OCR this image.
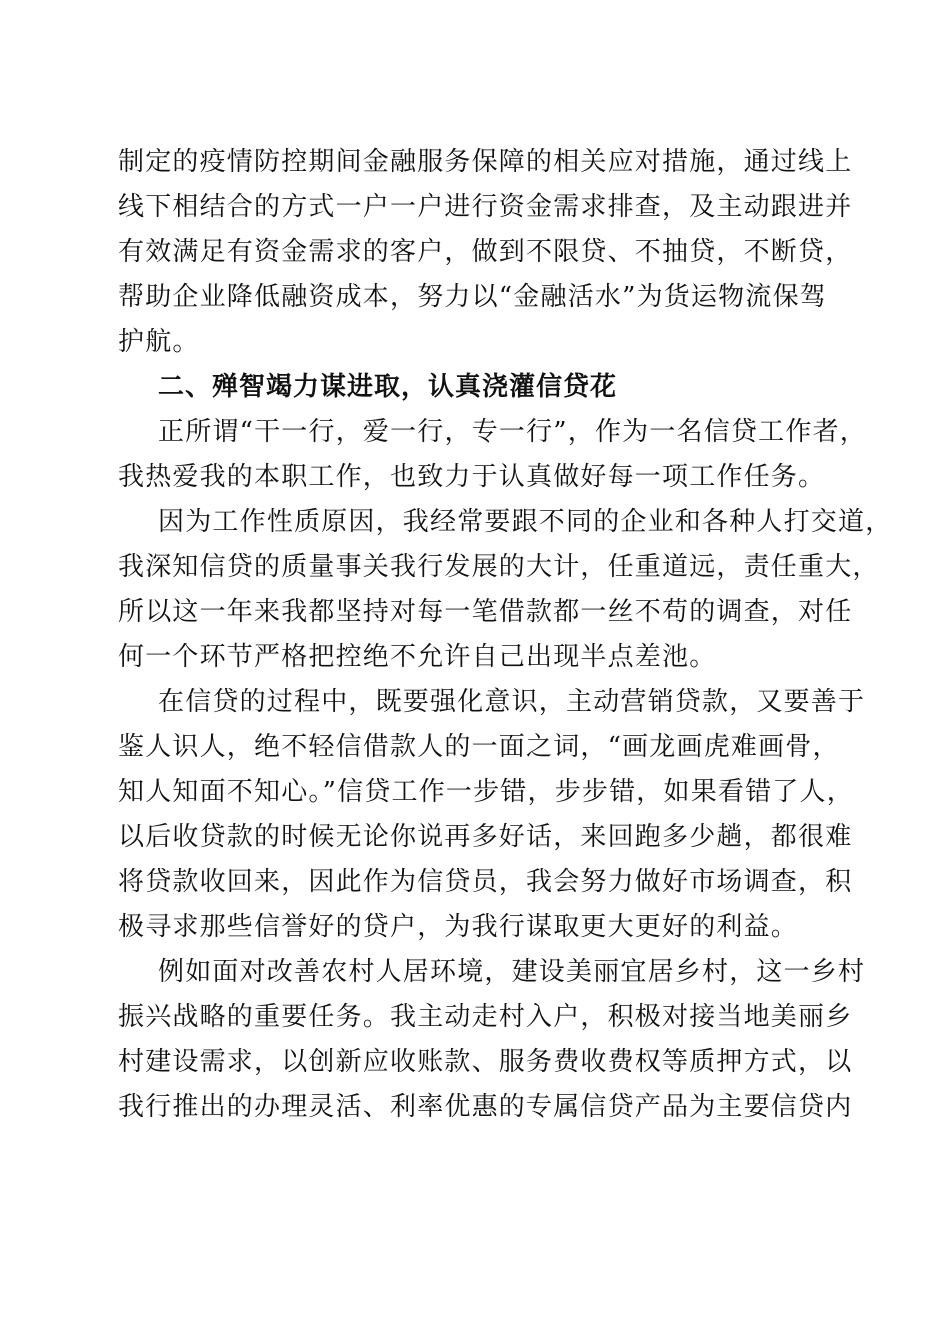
制定的疫情防控期间金融服务保障的相关应对措施，通过线上
线下相结合的方式一户一户进行资金需求排查，及主动跟进并
有效满足有资金需求的客户，做到不限贷、不抽贷，不断贷，
帮助企业降低融资成本，努力以“金融活水”为货运物流保驾
护航。
二、殚智竭力谋进取，认真浇灌信贷花
正所谓“干一行，爱一行，专一行”，作为一名信贷工作者，
我热爱我的本职工作，也致力于认真做好每一项工作任务。
因为工作性质原因，我经常要跟不同的企业和各种人打交道，
我深知信贷的质量事关我行发展的大计，任重道远，责任重大，
所以这一年来我都坚持对每一笔借款都一丝不苟的调查，对任
何一个环节严格把控绝不允许自己出现半点差池。
在信贷的过程中，既要强化意识，主动营销贷款，又要善于
鉴人识人，绝不轻信借款人的一面之词，“画龙画虎难画骨，
知人知面不知心。”信贷工作一步错，步步错，如果看错了人，
以后收贷款的时候无论你说再多好话，来回跑多少趟，都很难
将贷款收回来，因此作为信贷员，我会努力做好市场调查，积
极寻求那些信誉好的贷户，为我行谋取更大更好的利益。
例如面对改善农村人居环境，建设美丽宜居乡村，这一乡村
振兴战略的重要任务。我主动走村入户，积极对接当地美丽乡
村建设需求，以创新应收账款、服务费收费权等质押方式，以
我行推出的办理灵活、利率优惠的专属信贷产品为主要信贷内
